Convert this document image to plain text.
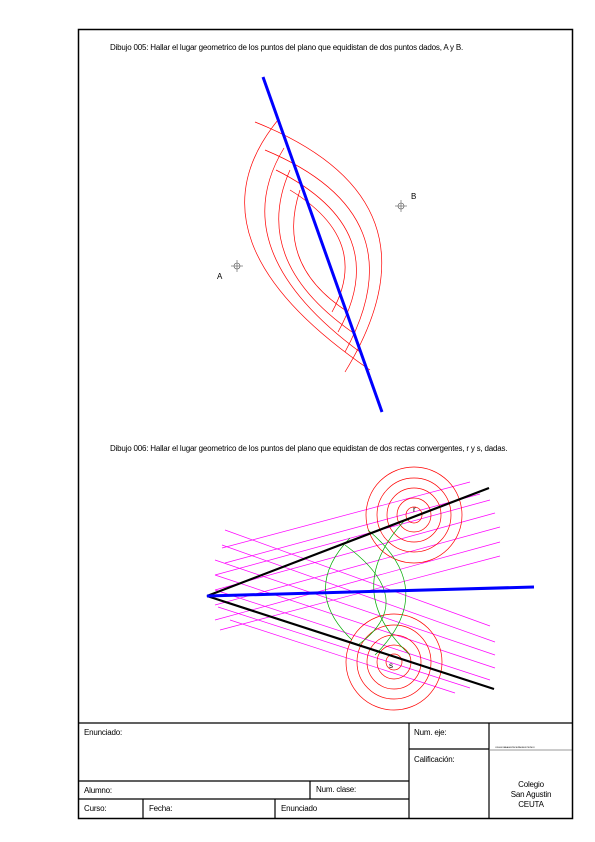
Dibujo 005: Hallar el lugar geometrico de los puntos del plano que equidistan de dos puntos dados, A y B.
A
B
Dibujo 006: Hallar el lugar geometrico de los puntos del plano que equidistan de dos rectas convergentes, r y s, dadas.
r
s
Enunciado:	Num. eje:
Calificación:
Alumno:	Num. clase:
Curso:	Fecha:	Enunciado
COLEGIO SAN AGUSTIN CEUTA DIBUJO TECNICO
Colegio
San Agustin
CEUTA
